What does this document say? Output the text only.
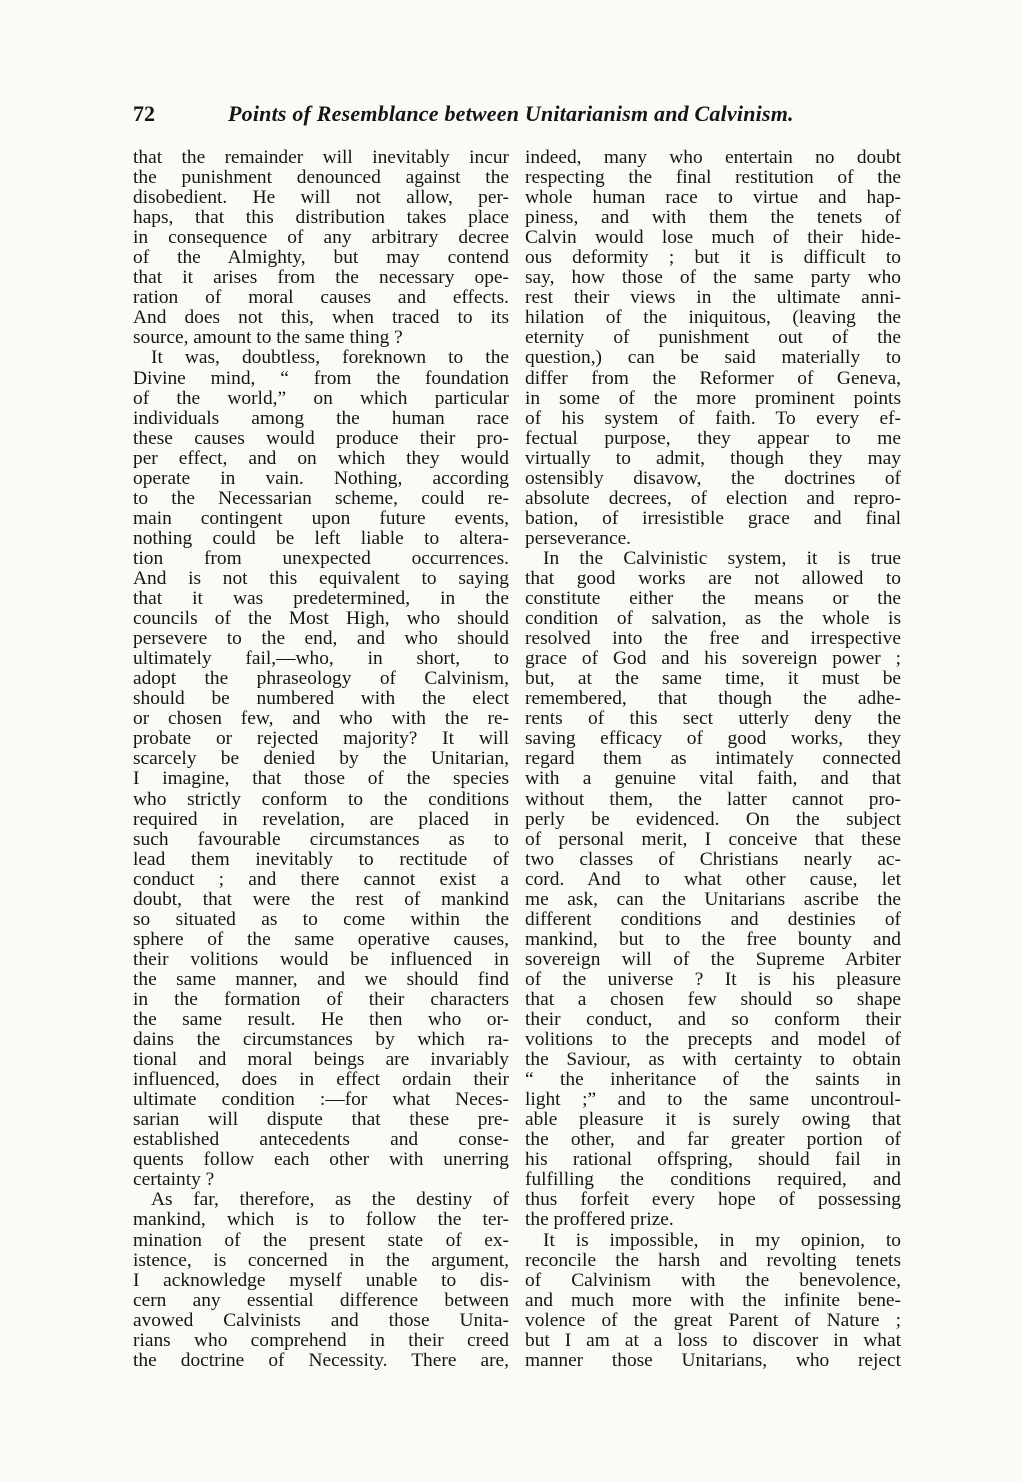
72	Points of Resemblance between Unitarianism and Calvinism.
that the remainder will inevitably incur
the punishment denounced against the
disobedient. He will not allow, per-
haps, that this distribution takes place
in consequence of any arbitrary decree
of the Almighty, but may contend
that it arises from the necessary ope-
ration of moral causes and effects.
And does not this, when traced to its
source, amount to the same thing ?
It was, doubtless, foreknown to the
Divine mind, “ from the foundation
of the world,” on which particular
individuals among the human race
these causes would produce their pro-
per effect, and on which they would
operate in vain. Nothing, according
to the Necessarian scheme, could re-
main contingent upon future events,
nothing could be left liable to altera-
tion from unexpected occurrences.
And is not this equivalent to saying
that it was predetermined, in the
councils of the Most High, who should
persevere to the end, and who should
ultimately fail,—who, in short, to
adopt the phraseology of Calvinism,
should be numbered with the elect
or chosen few, and who with the re-
probate or rejected majority? It will
scarcely be denied by the Unitarian,
I imagine, that those of the species
who strictly conform to the conditions
required in revelation, are placed in
such favourable circumstances as to
lead them inevitably to rectitude of
conduct ; and there cannot exist a
doubt, that were the rest of mankind
so situated as to come within the
sphere of the same operative causes,
their volitions would be influenced in
the same manner, and we should find
in the formation of their characters
the same result. He then who or-
dains the circumstances by which ra-
tional and moral beings are invariably
influenced, does in effect ordain their
ultimate condition :—for what Neces-
sarian will dispute that these pre-
established antecedents and conse-
quents follow each other with unerring
certainty ?
As far, therefore, as the destiny of
mankind, which is to follow the ter-
mination of the present state of ex-
istence, is concerned in the argument,
I acknowledge myself unable to dis-
cern any essential difference between
avowed Calvinists and those Unita-
rians who comprehend in their creed
the doctrine of Necessity. There are,
indeed, many who entertain no doubt
respecting the final restitution of the
whole human race to virtue and hap-
piness, and with them the tenets of
Calvin would lose much of their hide-
ous deformity ; but it is difficult to
say, how those of the same party who
rest their views in the ultimate anni-
hilation of the iniquitous, (leaving the
eternity of punishment out of the
question,) can be said materially to
differ from the Reformer of Geneva,
in some of the more prominent points
of his system of faith. To every ef-
fectual purpose, they appear to me
virtually to admit, though they may
ostensibly disavow, the doctrines of
absolute decrees, of election and repro-
bation, of irresistible grace and final
perseverance.
In the Calvinistic system, it is true
that good works are not allowed to
constitute either the means or the
condition of salvation, as the whole is
resolved into the free and irrespective
grace of God and his sovereign power ;
but, at the same time, it must be
remembered, that though the adhe-
rents of this sect utterly deny the
saving efficacy of good works, they
regard them as intimately connected
with a genuine vital faith, and that
without them, the latter cannot pro-
perly be evidenced. On the subject
of personal merit, I conceive that these
two classes of Christians nearly ac-
cord. And to what other cause, let
me ask, can the Unitarians ascribe the
different conditions and destinies of
mankind, but to the free bounty and
sovereign will of the Supreme Arbiter
of the universe ? It is his pleasure
that a chosen few should so shape
their conduct, and so conform their
volitions to the precepts and model of
the Saviour, as with certainty to obtain
“ the inheritance of the saints in
light ;” and to the same uncontroul-
able pleasure it is surely owing that
the other, and far greater portion of
his rational offspring, should fail in
fulfilling the conditions required, and
thus forfeit every hope of possessing
the proffered prize.
It is impossible, in my opinion, to
reconcile the harsh and revolting tenets
of Calvinism with the benevolence,
and much more with the infinite bene-
volence of the great Parent of Nature ;
but I am at a loss to discover in what
manner those Unitarians, who reject
